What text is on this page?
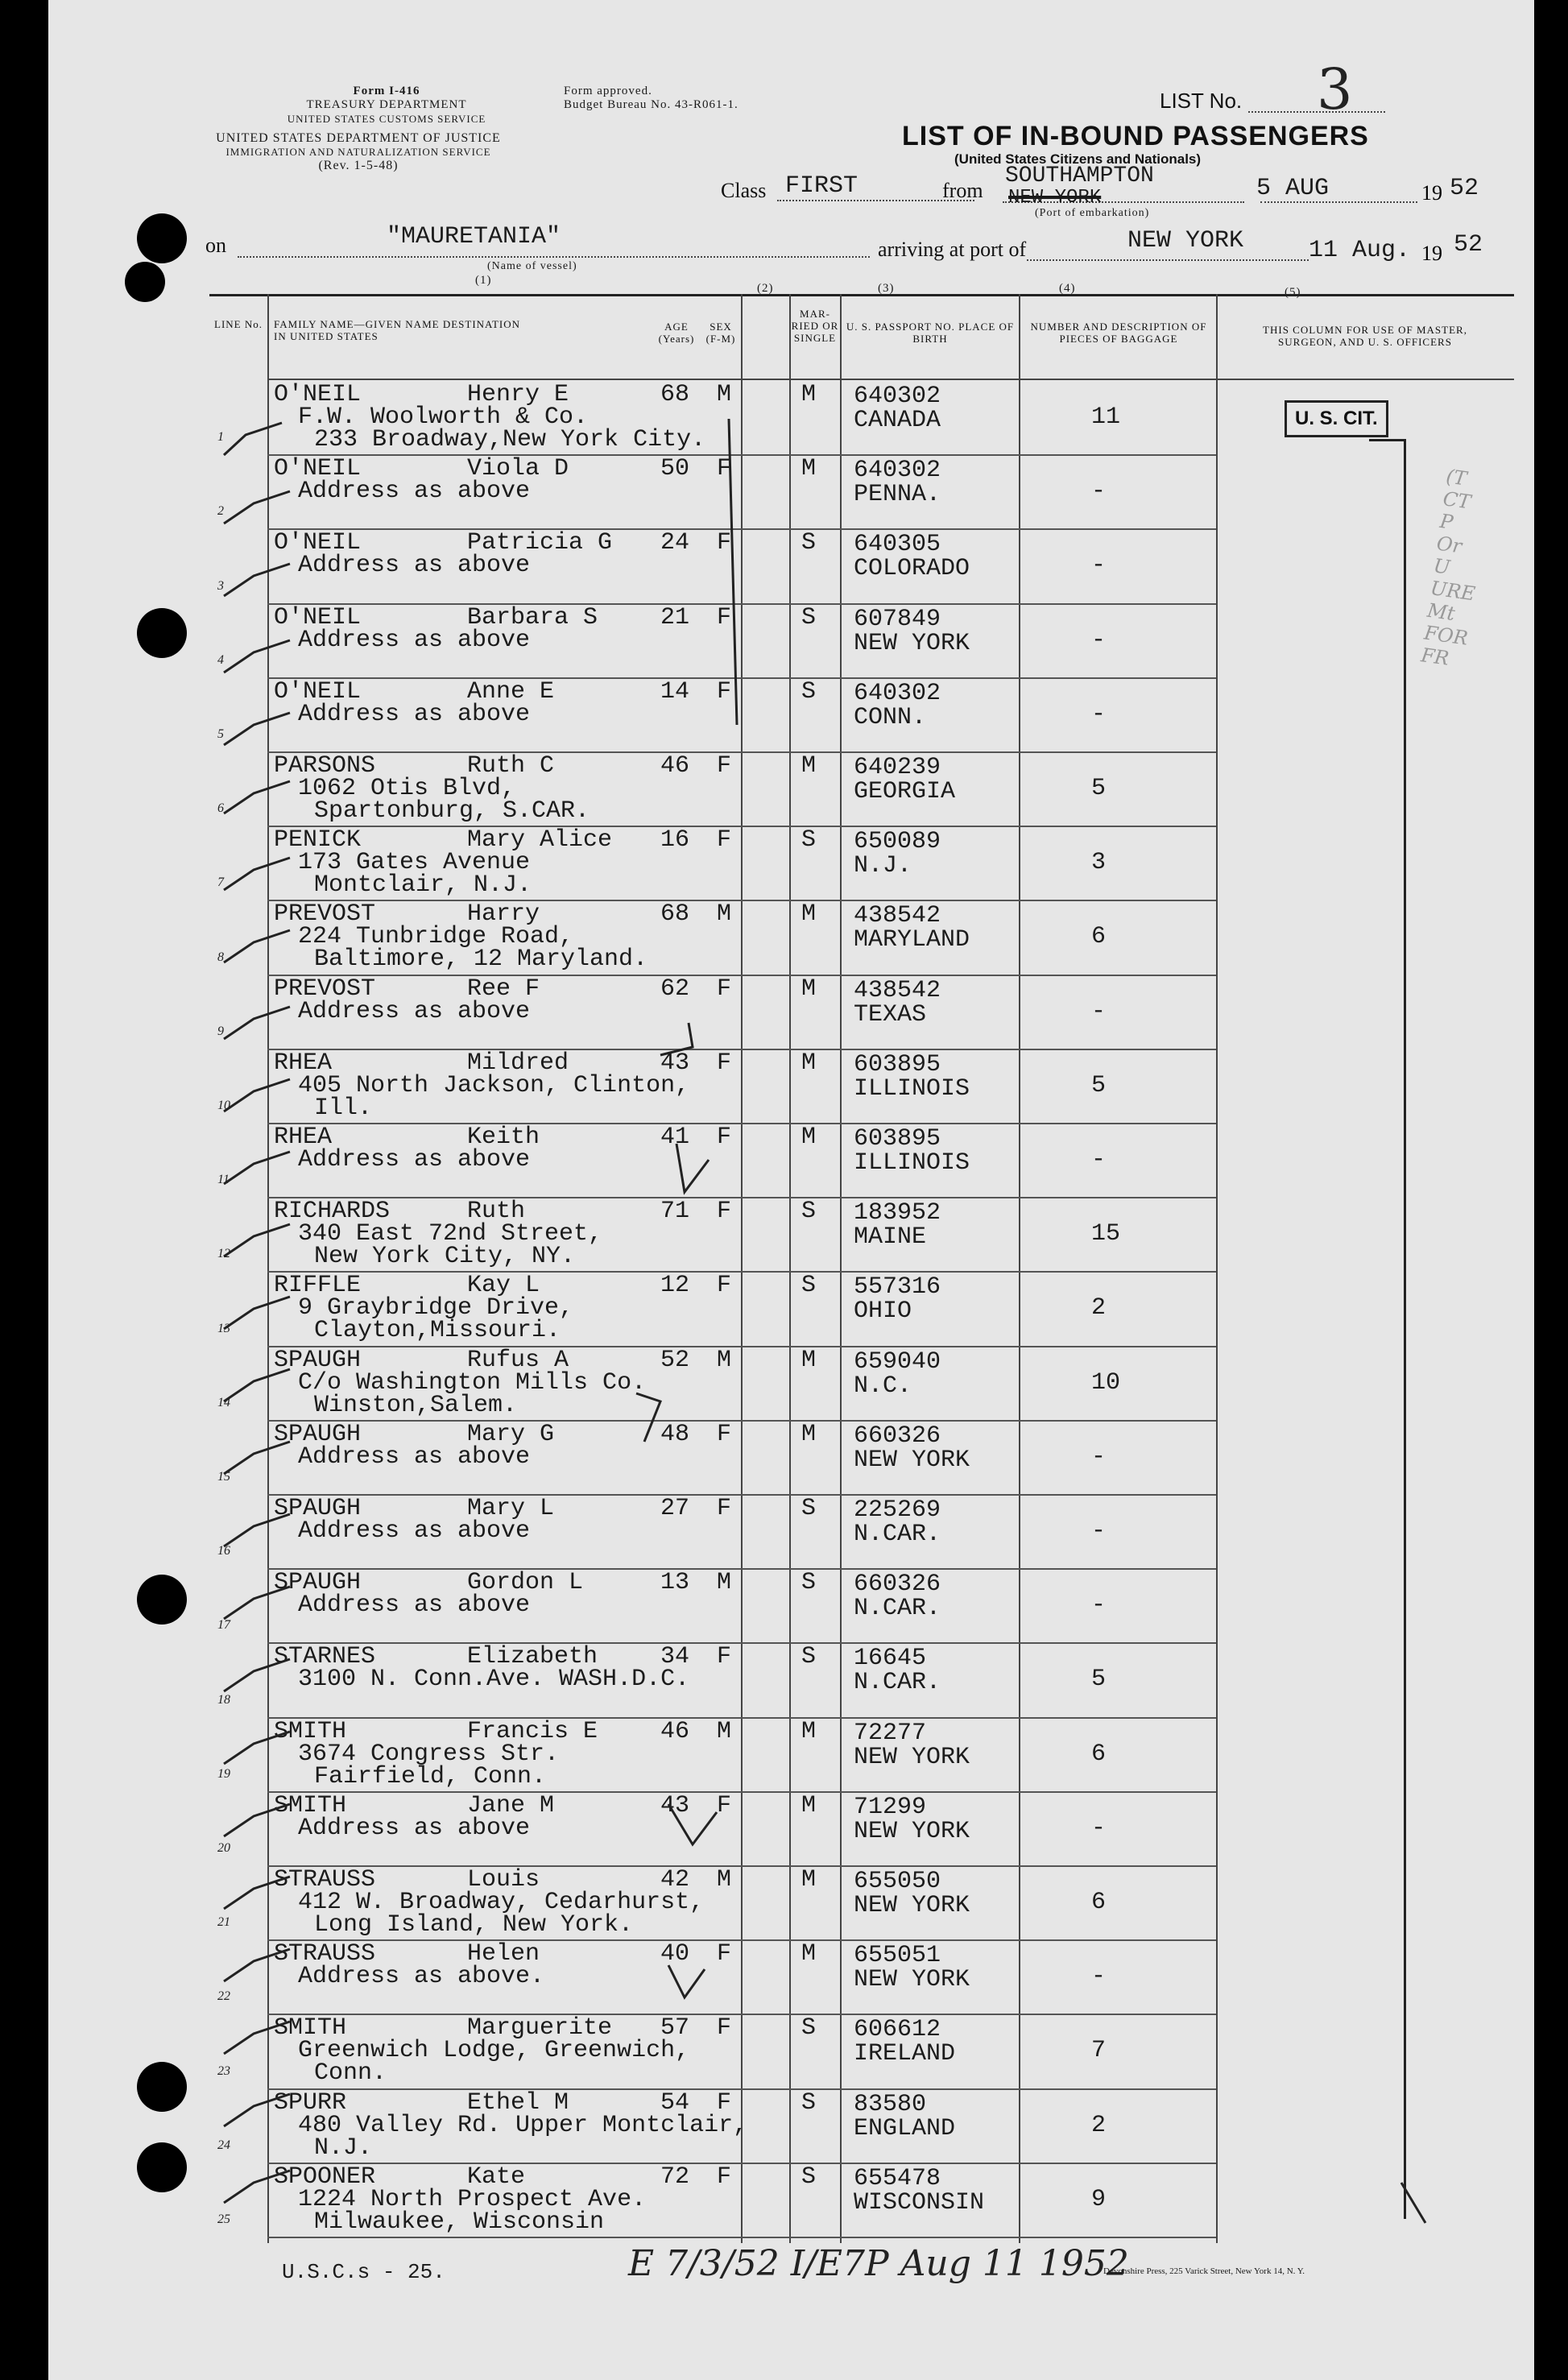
Form I-416
TREASURY DEPARTMENT
UNITED STATES CUSTOMS SERVICE
Form approved.
Budget Bureau No. 43-R061-1.
UNITED STATES DEPARTMENT OF JUSTICE
IMMIGRATION AND NATURALIZATION SERVICE
(Rev. 1-5-48)
LIST No. 3
LIST OF IN-BOUND PASSENGERS
(United States Citizens and Nationals)
Class FIRST	from
SOUTHAMPTON
NEW YORK
(Port of embarkation)
5 AUG	19 52
on	"MAURETANIA"
(Name of vessel)
arriving at port of	NEW YORK	11 Aug. 19 52
(1)
(2)	(3)	(4)	(5)
LINE No. FAMILY NAME—GIVEN NAME DESTINATION IN UNITED STATES
AGE (Years)
SEX (F-M)
MAR- RIED OR SINGLE
U. S. PASSPORT NO. PLACE OF BIRTH
NUMBER AND DESCRIPTION OF PIECES OF BAGGAGE
THIS COLUMN FOR USE OF MASTER, SURGEON, AND U. S. OFFICERS
1
O'NEIL	Henry E	68 M	M
F.W. Woolworth & Co.
233 Broadway,New York City.
640302
CANADA	11
2
O'NEIL	Viola D	50 F	M
Address as above
640302
PENNA.	-
3
O'NEIL	Patricia G 24 F	S
Address as above
640305
COLORADO	-
4
O'NEIL	Barbara S	21 F	S
Address as above
607849
NEW YORK	-
5
O'NEIL	Anne E	14 F	S
Address as above
640302
CONN.	-
6
PARSONS	Ruth C	46 F	M
1062 Otis Blvd,
Spartonburg, S.CAR.
640239
GEORGIA	5
7
PENICK	Mary Alice 16 F	S
173 Gates Avenue
Montclair, N.J.
650089
N.J.	3
8
PREVOST	Harry	68 M	M
224 Tunbridge Road,
Baltimore, 12 Maryland.
438542
MARYLAND	6
9
PREVOST	Ree F	62 F	M
Address as above
438542
TEXAS	-
10
RHEA	Mildred	43 F	M
405 North Jackson, Clinton,
Ill.
603895
ILLINOIS	5
11
RHEA	Keith	41 F	M
Address as above
603895
ILLINOIS	-
12
RICHARDS	Ruth	71 F	S
340 East 72nd Street,
New York City, NY.
183952
MAINE	15
13
RIFFLE	Kay L	12 F	S
9 Graybridge Drive,
Clayton,Missouri.
557316
OHIO	2
14
SPAUGH	Rufus A	52 M	M
C/o Washington Mills Co.
Winston,Salem.
659040
N.C.	10
15
SPAUGH	Mary G	48 F	M
Address as above
660326
NEW YORK	-
16
SPAUGH	Mary L	27 F	S
Address as above
225269
N.CAR.	-
17
SPAUGH	Gordon L	13 M	S
Address as above
660326
N.CAR.	-
18
STARNES	Elizabeth	34 F	S
3100 N. Conn.Ave. WASH.D.C.
16645
N.CAR.	5
19
SMITH	Francis E	46 M	M
3674 Congress Str.
Fairfield, Conn.
72277
NEW YORK	6
20
SMITH	Jane M	43 F	M
Address as above
71299
NEW YORK	-
21
STRAUSS	Louis	42 M	M
412 W. Broadway, Cedarhurst,
Long Island, New York.
655050
NEW YORK	6
22
STRAUSS	Helen	40 F	M
Address as above.
655051
NEW YORK	-
23
SMITH	Marguerite 57 F	S
Greenwich Lodge, Greenwich,
Conn.
606612
IRELAND	7
24
SPURR	Ethel M	54 F	S
480 Valley Rd. Upper Montclair,
N.J.
83580
ENGLAND	2
25
SPOONER	Kate	72 F	S
1224 North Prospect Ave.
Milwaukee, Wisconsin
655478
WISCONSIN	9
U. S. CIT.
(T
CT
P
Or
U
URE
Mt
FOR
FR
U.S.C.s - 25.	E 7/3/52 I/E7P Aug 11 1952
Devonshire Press, 225 Varick Street, New York 14, N. Y.
